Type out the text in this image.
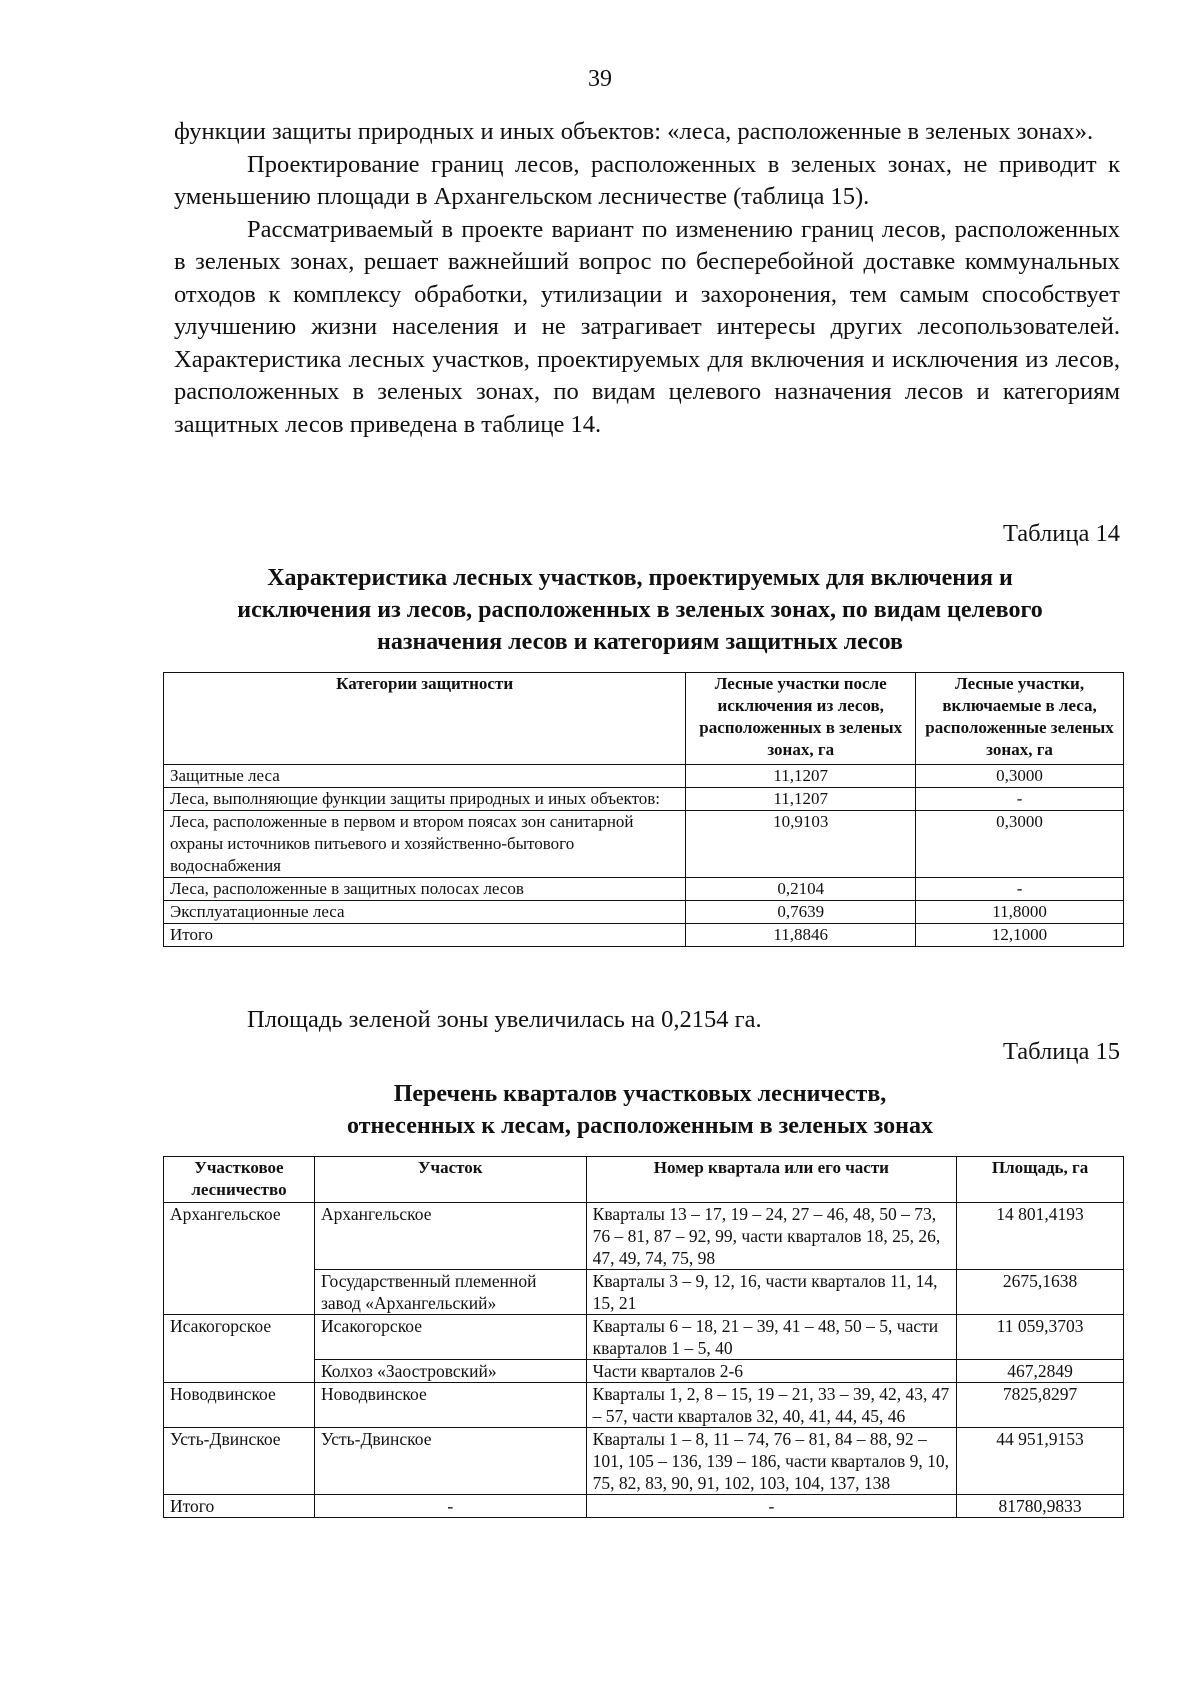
39

функции защиты природных и иных объектов: «леса, расположенные в зеленых зонах».

Проектирование границ лесов, расположенных в зеленых зонах, не приводит к уменьшению площади в Архангельском лесничестве (таблица 15).

Рассматриваемый в проекте вариант по изменению границ лесов, расположенных в зеленых зонах, решает важнейший вопрос по бесперебойной доставке коммунальных отходов к комплексу обработки, утилизации и захоронения, тем самым способствует улучшению жизни населения и не затрагивает интересы других лесопользователей. Характеристика лесных участков, проектируемых для включения и исключения из лесов, расположенных в зеленых зонах, по видам целевого назначения лесов и категориям защитных лесов приведена в таблице 14.

Таблица 14
Характеристика лесных участков, проектируемых для включения и исключения из лесов, расположенных в зеленых зонах, по видам целевого назначения лесов и категориям защитных лесов
Категории защитности	Лесные участки после исключения из лесов, расположенных в зеленых зонах, га	Лесные участки, включаемые в леса, расположенные зеленых зонах, га
Защитные леса	11,1207	0,3000
Леса, выполняющие функции защиты природных и иных объектов:	11,1207	-
Леса, расположенные в первом и втором поясах зон санитарной охраны источников питьевого и хозяйственно-бытового водоснабжения	10,9103	0,3000
Леса, расположенные в защитных полосах лесов	0,2104	-
Эксплуатационные леса	0,7639	11,8000
Итого	11,8846	12,1000
Площадь зеленой зоны увеличилась на 0,2154 га.
Таблица 15
Перечень кварталов участковых лесничеств,
отнесенных к лесам, расположенным в зеленых зонах
Участковое лесничество	Участок	Номер квартала или его части	Площадь, га
Архангельское	Архангельское	Кварталы 13 – 17, 19 – 24, 27 – 46, 48, 50 – 73, 76 – 81, 87 – 92, 99, части кварталов 18, 25, 26, 47, 49, 74, 75, 98	14 801,4193
	Государственный племенной завод «Архангельский»	Кварталы 3 – 9, 12, 16, части кварталов 11, 14, 15, 21	2675,1638
Исакогорское	Исакогорское	Кварталы 6 – 18, 21 – 39, 41 – 48, 50 – 5, части кварталов 1 – 5, 40	11 059,3703
	Колхоз «Заостровский»	Части кварталов 2-6	467,2849
Новодвинское	Новодвинское	Кварталы 1, 2, 8 – 15, 19 – 21, 33 – 39, 42, 43, 47 – 57, части кварталов 32, 40, 41, 44, 45, 46	7825,8297
Усть-Двинское	Усть-Двинское	Кварталы 1 – 8, 11 – 74, 76 – 81, 84 – 88, 92 – 101, 105 – 136, 139 – 186, части кварталов 9, 10, 75, 82, 83, 90, 91, 102, 103, 104, 137, 138	44 951,9153
Итого	-	-	81780,9833
